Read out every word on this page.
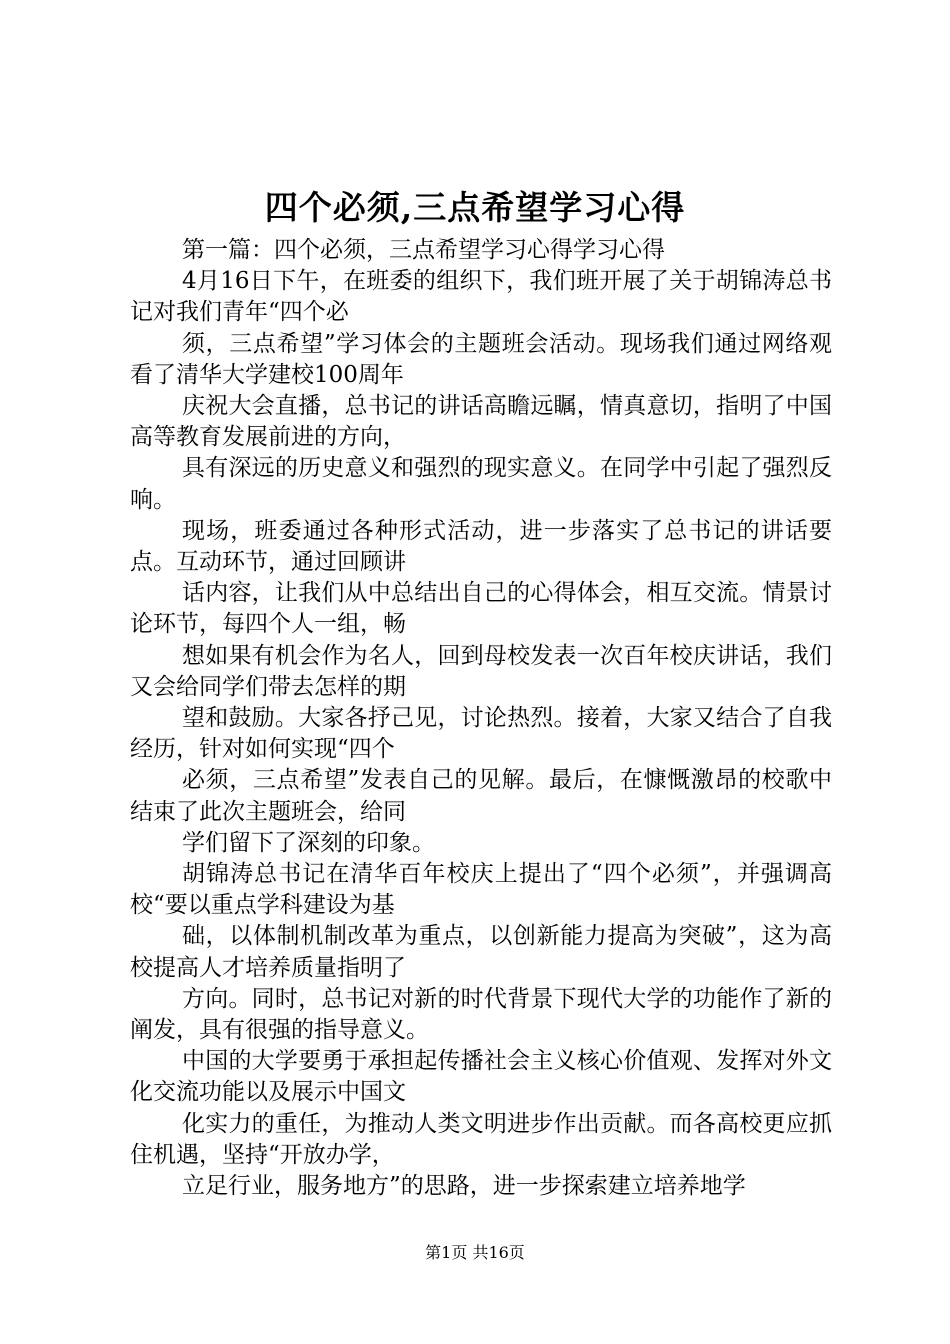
四个必须,三点希望学习心得

第一篇：四个必须，三点希望学习心得学习心得

4月16日下午，在班委的组织下，我们班开展了关于胡锦涛总书记对我们青年“四个必

须，三点希望”学习体会的主题班会活动。现场我们通过网络观看了清华大学建校100周年

庆祝大会直播，总书记的讲话高瞻远瞩，情真意切，指明了中国高等教育发展前进的方向，

具有深远的历史意义和强烈的现实意义。在同学中引起了强烈反响。

现场，班委通过各种形式活动，进一步落实了总书记的讲话要点。互动环节，通过回顾讲

话内容，让我们从中总结出自己的心得体会，相互交流。情景讨论环节，每四个人一组，畅

想如果有机会作为名人，回到母校发表一次百年校庆讲话，我们又会给同学们带去怎样的期

望和鼓励。大家各抒己见，讨论热烈。接着，大家又结合了自我经历，针对如何实现“四个

必须，三点希望”发表自己的见解。最后，在慷慨激昂的校歌中结束了此次主题班会，给同

学们留下了深刻的印象。

胡锦涛总书记在清华百年校庆上提出了“四个必须”，并强调高校“要以重点学科建设为基

础，以体制机制改革为重点，以创新能力提高为突破”，这为高校提高人才培养质量指明了

方向。同时，总书记对新的时代背景下现代大学的功能作了新的阐发，具有很强的指导意义。

中国的大学要勇于承担起传播社会主义核心价值观、发挥对外文化交流功能以及展示中国文

化实力的重任，为推动人类文明进步作出贡献。而各高校更应抓住机遇，坚持“开放办学，

立足行业，服务地方”的思路，进一步探索建立培养地学

第1页 共16页
